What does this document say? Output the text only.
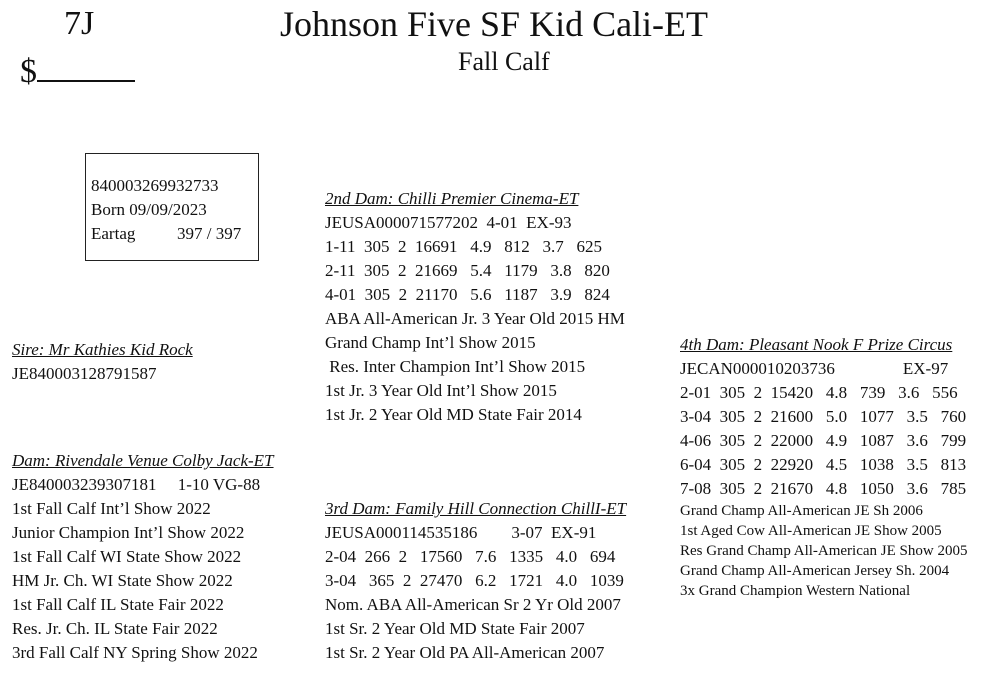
7J
$
Johnson Five SF Kid Cali-ET
Fall Calf
840003269932733
Born 09/09/2023
Eartag 397 / 397
Sire: Mr Kathies Kid Rock
JE840003128791587
Dam: Rivendale Venue Colby Jack-ET
JE840003239307181     1-10 VG-88
1st Fall Calf Int’l Show 2022
Junior Champion Int’l Show 2022
1st Fall Calf WI State Show 2022
HM Jr. Ch. WI State Show 2022
1st Fall Calf IL State Fair 2022
Res. Jr. Ch. IL State Fair 2022
3rd Fall Calf NY Spring Show 2022
2nd Dam: Chilli Premier Cinema-ET
JEUSA000071577202  4-01  EX-93
1-11  305  2  16691   4.9   812   3.7   625
2-11  305  2  21669   5.4   1179   3.8   820
4-01  305  2  21170   5.6   1187   3.9   824
ABA All-American Jr. 3 Year Old 2015 HM
Grand Champ Int’l Show 2015
Res. Inter Champion Int’l Show 2015
1st Jr. 3 Year Old Int’l Show 2015
1st Jr. 2 Year Old MD State Fair 2014
3rd Dam: Family Hill Connection ChillI-ET
JEUSA000114535186        3-07  EX-91
2-04  266  2   17560   7.6   1335   4.0   694
3-04   365  2  27470   6.2   1721   4.0   1039
Nom. ABA All-American Sr 2 Yr Old 2007
1st Sr. 2 Year Old MD State Fair 2007
1st Sr. 2 Year Old PA All-American 2007
4th Dam: Pleasant Nook F Prize Circus
JECAN000010203736                EX-97
2-01  305  2  15420   4.8   739   3.6   556
3-04  305  2  21600   5.0   1077   3.5   760
4-06  305  2  22000   4.9   1087   3.6   799
6-04  305  2  22920   4.5   1038   3.5   813
7-08  305  2  21670   4.8   1050   3.6   785
Grand Champ All-American JE Sh 2006
1st Aged Cow All-American JE Show 2005
Res Grand Champ All-American JE Show 2005
Grand Champ All-American Jersey Sh. 2004
3x Grand Champion Western National
